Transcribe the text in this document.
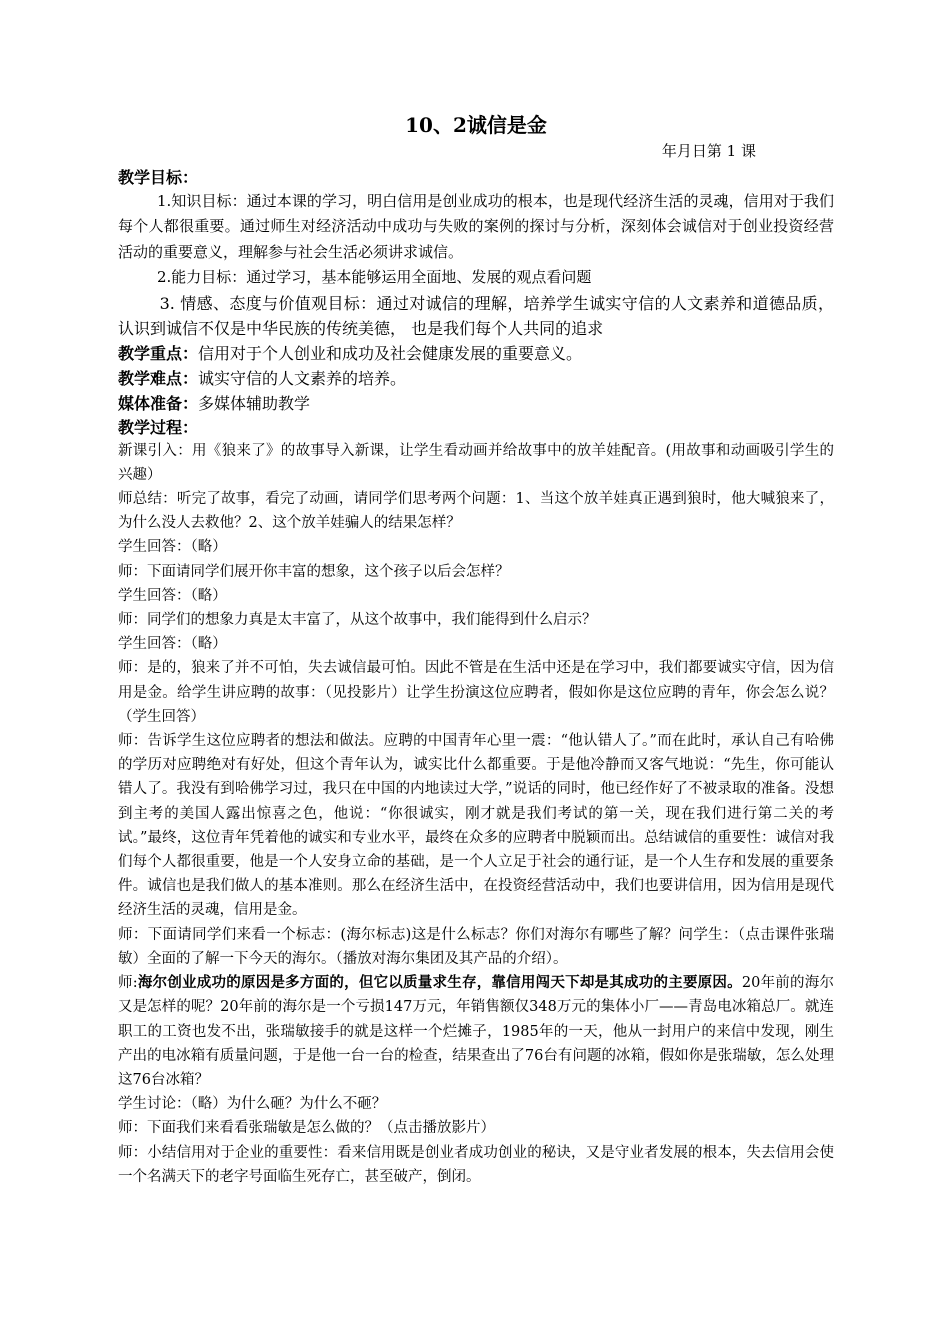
10、2诚信是金

年月日第 1 课

教学目标：

1.知识目标：通过本课的学习，明白信用是创业成功的根本，也是现代经济生活的灵魂，信用对于我们每个人都很重要。通过师生对经济活动中成功与失败的案例的探讨与分析，深刻体会诚信对于创业投资经营活动的重要意义，理解参与社会生活必须讲求诚信。

2.能力目标：通过学习，基本能够运用全面地、发展的观点看问题

3. 情感、态度与价值观目标：通过对诚信的理解，培养学生诚实守信的人文素养和道德品质，认识到诚信不仅是中华民族的传统美德， 也是我们每个人共同的追求

教学重点：信用对于个人创业和成功及社会健康发展的重要意义。

教学难点：诚实守信的人文素养的培养。

媒体准备：多媒体辅助教学

教学过程：

新课引入：用《狼来了》的故事导入新课，让学生看动画并给故事中的放羊娃配音。(用故事和动画吸引学生的兴趣）

师总结：听完了故事，看完了动画，请同学们思考两个问题：1、当这个放羊娃真正遇到狼时，他大喊狼来了，为什么没人去救他？2、这个放羊娃骗人的结果怎样？

学生回答：（略）

师：下面请同学们展开你丰富的想象，这个孩子以后会怎样？

学生回答：（略）

师：同学们的想象力真是太丰富了，从这个故事中，我们能得到什么启示？

学生回答：（略）

师：是的，狼来了并不可怕，失去诚信最可怕。因此不管是在生活中还是在学习中，我们都要诚实守信，因为信用是金。给学生讲应聘的故事：（见投影片）让学生扮演这位应聘者，假如你是这位应聘的青年，你会怎么说？（学生回答）

师：告诉学生这位应聘者的想法和做法。应聘的中国青年心里一震：“他认错人了。”而在此时，承认自己有哈佛的学历对应聘绝对有好处，但这个青年认为，诚实比什么都重要。于是他冷静而又客气地说：“先生，你可能认错人了。我没有到哈佛学习过，我只在中国的内地读过大学，”说话的同时，他已经作好了不被录取的准备。没想到主考的美国人露出惊喜之色，他说：“你很诚实，刚才就是我们考试的第一关，现在我们进行第二关的考试。”最终，这位青年凭着他的诚实和专业水平，最终在众多的应聘者中脱颖而出。总结诚信的重要性：诚信对我们每个人都很重要，他是一个人安身立命的基础，是一个人立足于社会的通行证，是一个人生存和发展的重要条件。诚信也是我们做人的基本准则。那么在经济生活中，在投资经营活动中，我们也要讲信用，因为信用是现代经济生活的灵魂，信用是金。

师：下面请同学们来看一个标志：(海尔标志)这是什么标志？你们对海尔有哪些了解？问学生：（点击课件张瑞敏）全面的了解一下今天的海尔。（播放对海尔集团及其产品的介绍）。

师:海尔创业成功的原因是多方面的，但它以质量求生存，靠信用闯天下却是其成功的主要原因。20年前的海尔又是怎样的呢？20年前的海尔是一个亏损147万元，年销售额仅348万元的集体小厂——青岛电冰箱总厂。就连职工的工资也发不出，张瑞敏接手的就是这样一个烂摊子，1985年的一天，他从一封用户的来信中发现，刚生产出的电冰箱有质量问题，于是他一台一台的检查，结果查出了76台有问题的冰箱，假如你是张瑞敏，怎么处理这76台冰箱？

学生讨论：（略）为什么砸？为什么不砸？

师：下面我们来看看张瑞敏是怎么做的？（点击播放影片）

师：小结信用对于企业的重要性：看来信用既是创业者成功创业的秘诀，又是守业者发展的根本，失去信用会使一个名满天下的老字号面临生死存亡，甚至破产，倒闭。
